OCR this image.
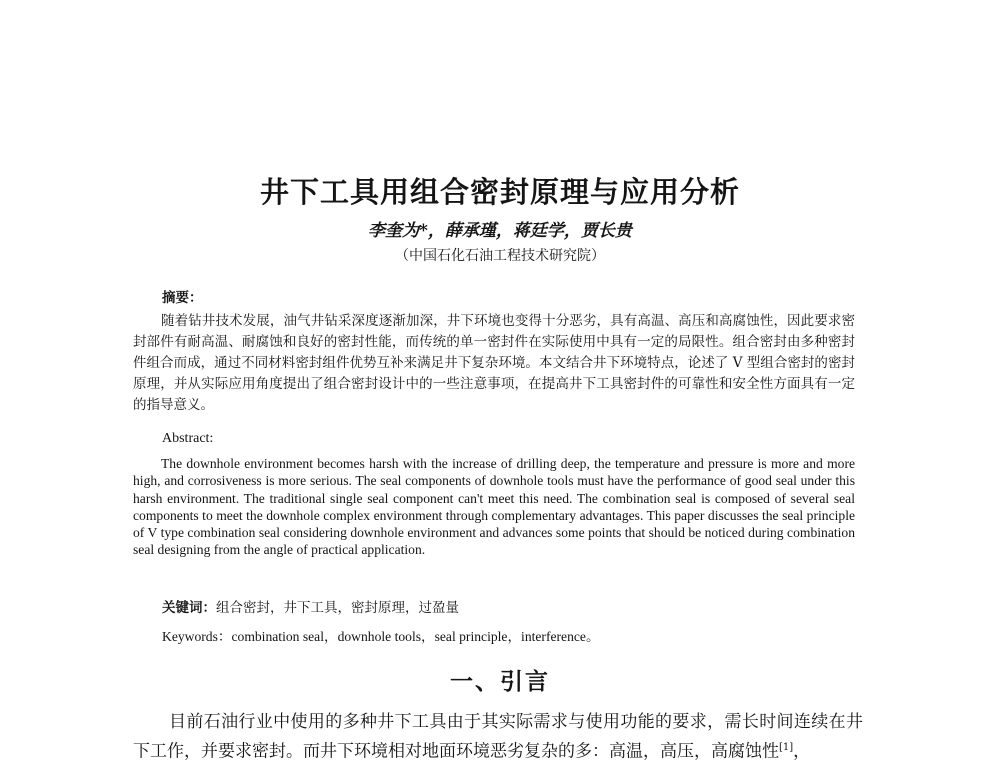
井下工具用组合密封原理与应用分析
李奎为*，薛承瑾，蒋廷学，贾长贵
（中国石化石油工程技术研究院）
摘要：
随着钻井技术发展，油气井钻采深度逐渐加深，井下环境也变得十分恶劣，具有高温、高压和高腐蚀性，因此要求密封部件有耐高温、耐腐蚀和良好的密封性能，而传统的单一密封件在实际使用中具有一定的局限性。组合密封由多种密封件组合而成，通过不同材料密封组件优势互补来满足井下复杂环境。本文结合井下环境特点，论述了 V 型组合密封的密封原理，并从实际应用角度提出了组合密封设计中的一些注意事项，在提高井下工具密封件的可靠性和安全性方面具有一定的指导意义。
Abstract:
The downhole environment becomes harsh with the increase of drilling deep, the temperature and pressure is more and more high, and corrosiveness is more serious. The seal components of downhole tools must have the performance of good seal under this harsh environment. The traditional single seal component can't meet this need. The combination seal is composed of several seal components to meet the downhole complex environment through complementary advantages. This paper discusses the seal principle of V type combination seal considering downhole environment and advances some points that should be noticed during combination seal designing from the angle of practical application.
关键词：组合密封，井下工具，密封原理，过盈量
Keywords：combination seal，downhole tools，seal principle，interference。
一、引言
目前石油行业中使用的多种井下工具由于其实际需求与使用功能的要求，需长时间连续在井下工作，并要求密封。而井下环境相对地面环境恶劣复杂的多：高温，高压，高腐蚀性[1]，
